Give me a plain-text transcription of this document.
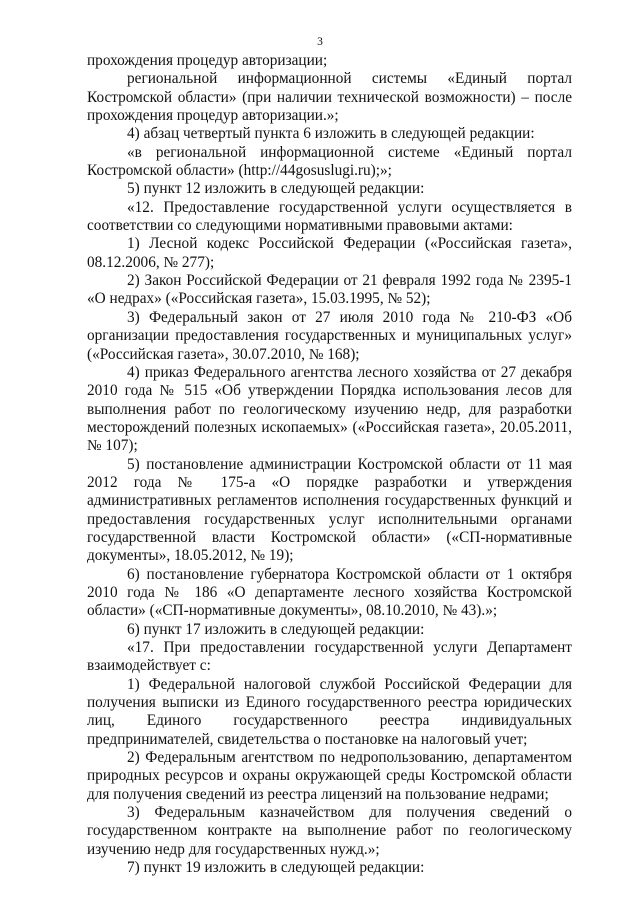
3

прохождения процедур авторизации;

региональной информационной системы «Единый портал Костромской области» (при наличии технической возможности) – после прохождения процедур авторизации.»;

4) абзац четвертый пункта 6 изложить в следующей редакции:

«в региональной информационной системе «Единый портал Костромской области» (http://44gosuslugi.ru);»;

5) пункт 12 изложить в следующей редакции:

«12. Предоставление государственной услуги осуществляется в соответствии со следующими нормативными правовыми актами:

1) Лесной кодекс Российской Федерации («Российская газета», 08.12.2006, № 277);

2) Закон Российской Федерации от 21 февраля 1992 года № 2395-1 «О недрах» («Российская газета», 15.03.1995, № 52);

3) Федеральный закон от 27 июля 2010 года № 210-ФЗ «Об организации предоставления государственных и муниципальных услуг» («Российская газета», 30.07.2010, № 168);

4) приказ Федерального агентства лесного хозяйства от 27 декабря 2010 года № 515 «Об утверждении Порядка использования лесов для выполнения работ по геологическому изучению недр, для разработки месторождений полезных ископаемых» («Российская газета», 20.05.2011, № 107);

5) постановление администрации Костромской области от 11 мая 2012 года № 175-а «О порядке разработки и утверждения административных регламентов исполнения государственных функций и предоставления государственных услуг исполнительными органами государственной власти Костромской области» («СП-нормативные документы», 18.05.2012, № 19);

6) постановление губернатора Костромской области от 1 октября 2010 года № 186 «О департаменте лесного хозяйства Костромской области» («СП-нормативные документы», 08.10.2010, № 43).»;

6) пункт 17 изложить в следующей редакции:

«17. При предоставлении государственной услуги Департамент взаимодействует с:

1) Федеральной налоговой службой Российской Федерации для получения выписки из Единого государственного реестра юридических лиц, Единого государственного реестра индивидуальных предпринимателей, свидетельства о постановке на налоговый учет;

2) Федеральным агентством по недропользованию, департаментом природных ресурсов и охраны окружающей среды Костромской области для получения сведений из реестра лицензий на пользование недрами;

3) Федеральным казначейством для получения сведений о государственном контракте на выполнение работ по геологическому изучению недр для государственных нужд.»;

7) пункт 19 изложить в следующей редакции:
